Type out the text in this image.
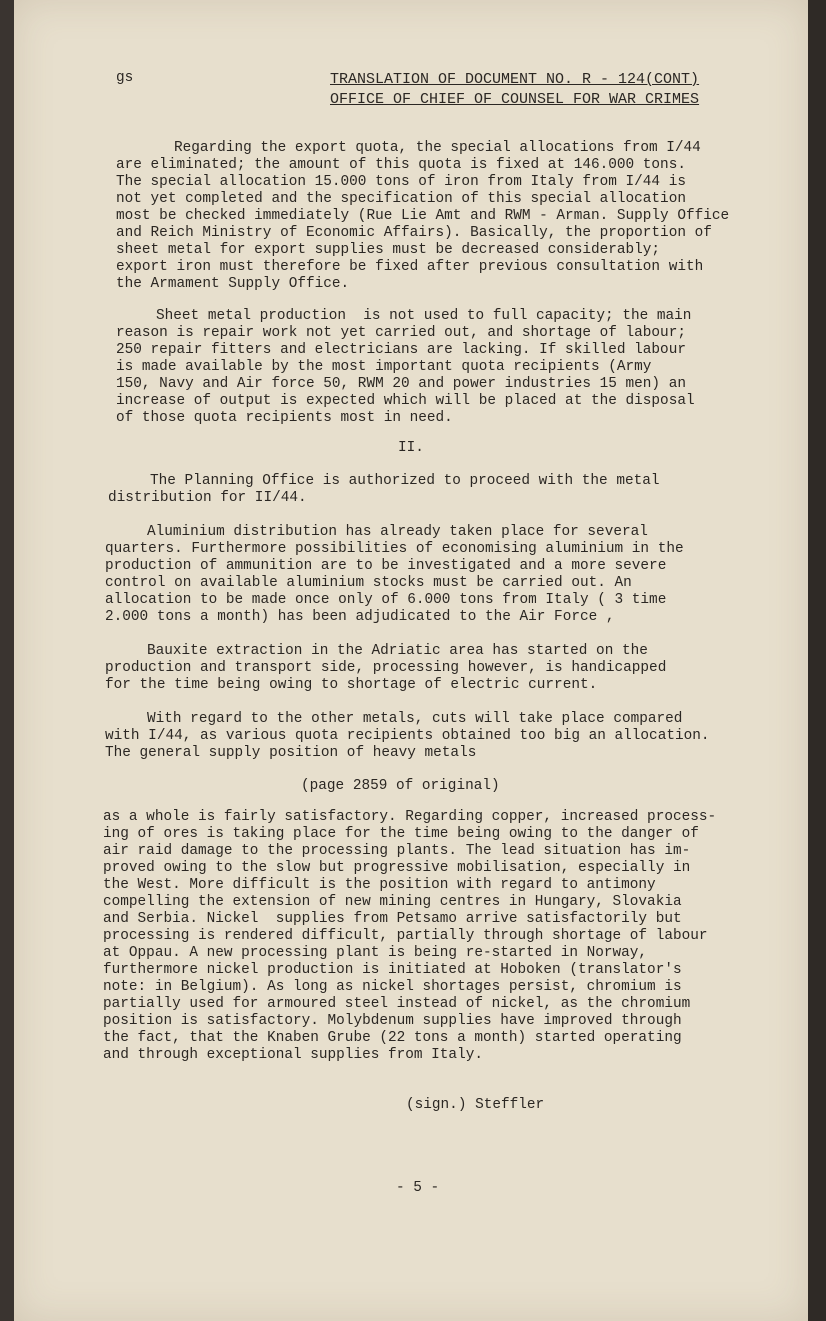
gs	TRANSLATION OF DOCUMENT NO. R - 124(CONT)
OFFICE OF CHIEF OF COUNSEL FOR WAR CRIMES
Regarding the export quota, the special allocations from I/44
are eliminated; the amount of this quota is fixed at 146.000 tons.
The special allocation 15.000 tons of iron from Italy from I/44 is
not yet completed and the specification of this special allocation
most be checked immediately (Rue Lie Amt and RWM - Arman. Supply Office
and Reich Ministry of Economic Affairs). Basically, the proportion of
sheet metal for export supplies must be decreased considerably;
export iron must therefore be fixed after previous consultation with
the Armament Supply Office.
Sheet metal production  is not used to full capacity; the main
reason is repair work not yet carried out, and shortage of labour;
250 repair fitters and electricians are lacking. If skilled labour
is made available by the most important quota recipients (Army
150, Navy and Air force 50, RWM 20 and power industries 15 men) an
increase of output is expected which will be placed at the disposal
of those quota recipients most in need.
II.
The Planning Office is authorized to proceed with the metal
distribution for II/44.
Aluminium distribution has already taken place for several
quarters. Furthermore possibilities of economising aluminium in the
production of ammunition are to be investigated and a more severe
control on available aluminium stocks must be carried out. An
allocation to be made once only of 6.000 tons from Italy ( 3 time
2.000 tons a month) has been adjudicated to the Air Force ,
Bauxite extraction in the Adriatic area has started on the
production and transport side, processing however, is handicapped
for the time being owing to shortage of electric current.
With regard to the other metals, cuts will take place compared
with I/44, as various quota recipients obtained too big an allocation.
The general supply position of heavy metals
(page 2859 of original)
as a whole is fairly satisfactory. Regarding copper, increased process-
ing of ores is taking place for the time being owing to the danger of
air raid damage to the processing plants. The lead situation has im-
proved owing to the slow but progressive mobilisation, especially in
the West. More difficult is the position with regard to antimony
compelling the extension of new mining centres in Hungary, Slovakia
and Serbia. Nickel  supplies from Petsamo arrive satisfactorily but
processing is rendered difficult, partially through shortage of labour
at Oppau. A new processing plant is being re-started in Norway,
furthermore nickel production is initiated at Hoboken (translator's
note: in Belgium). As long as nickel shortages persist, chromium is
partially used for armoured steel instead of nickel, as the chromium
position is satisfactory. Molybdenum supplies have improved through
the fact, that the Knaben Grube (22 tons a month) started operating
and through exceptional supplies from Italy.
(sign.) Steffler
- 5 -
